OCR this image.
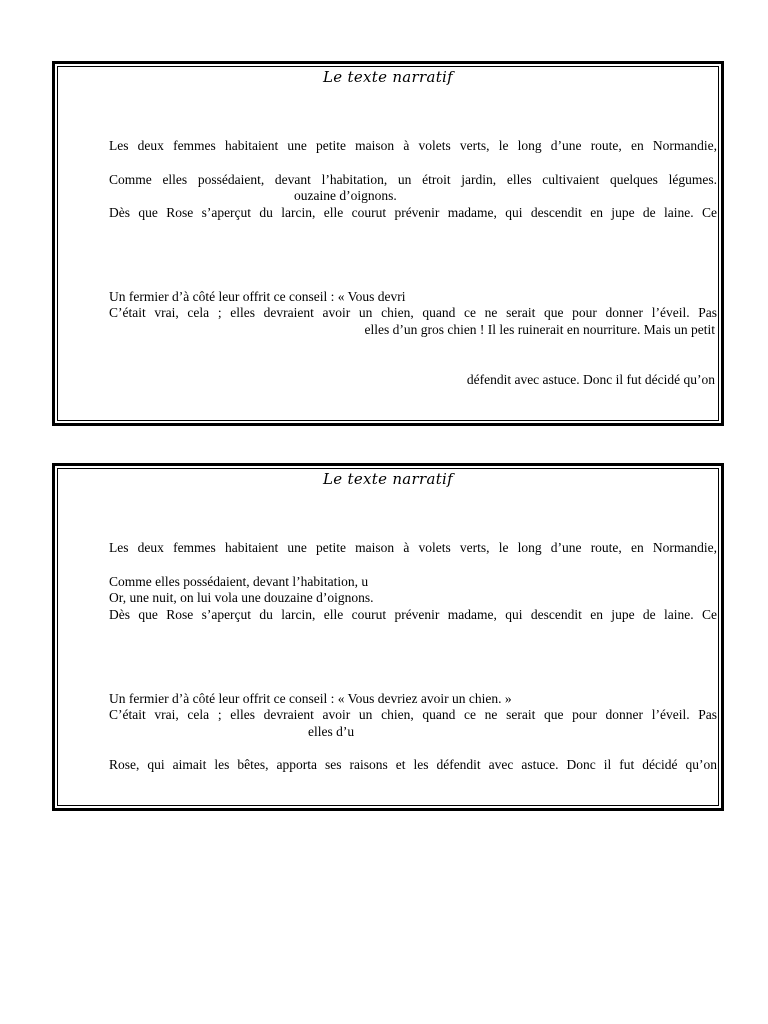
Le texte narratif
Les deux femmes habitaient une petite maison à volets verts, le long d’une route, en Normandie,
Comme elles possédaient, devant l’habitation, un étroit jardin, elles cultivaient quelques légumes.
ouzaine d’oignons.
Dès que Rose s’aperçut du larcin, elle courut prévenir madame, qui descendit en jupe de laine. Ce
Un fermier d’à côté leur offrit ce conseil : « Vous devri
C’était vrai, cela ; elles devraient avoir un chien, quand ce ne serait que pour donner l’éveil. Pas
elles d’un gros chien ! Il les ruinerait en nourriture. Mais un petit
défendit avec astuce. Donc il fut décidé qu’on
Le texte narratif
Les deux femmes habitaient une petite maison à volets verts, le long d’une route, en Normandie,
Comme elles possédaient, devant l’habitation, u
Or, une nuit, on lui vola une douzaine d’oignons.
Dès que Rose s’aperçut du larcin, elle courut prévenir madame, qui descendit en jupe de laine. Ce
Un fermier d’à côté leur offrit ce conseil : « Vous devriez avoir un chien. »
C’était vrai, cela ; elles devraient avoir un chien, quand ce ne serait que pour donner l’éveil. Pas
elles d’u
Rose, qui aimait les bêtes, apporta ses raisons et les défendit avec astuce. Donc il fut décidé qu’on
